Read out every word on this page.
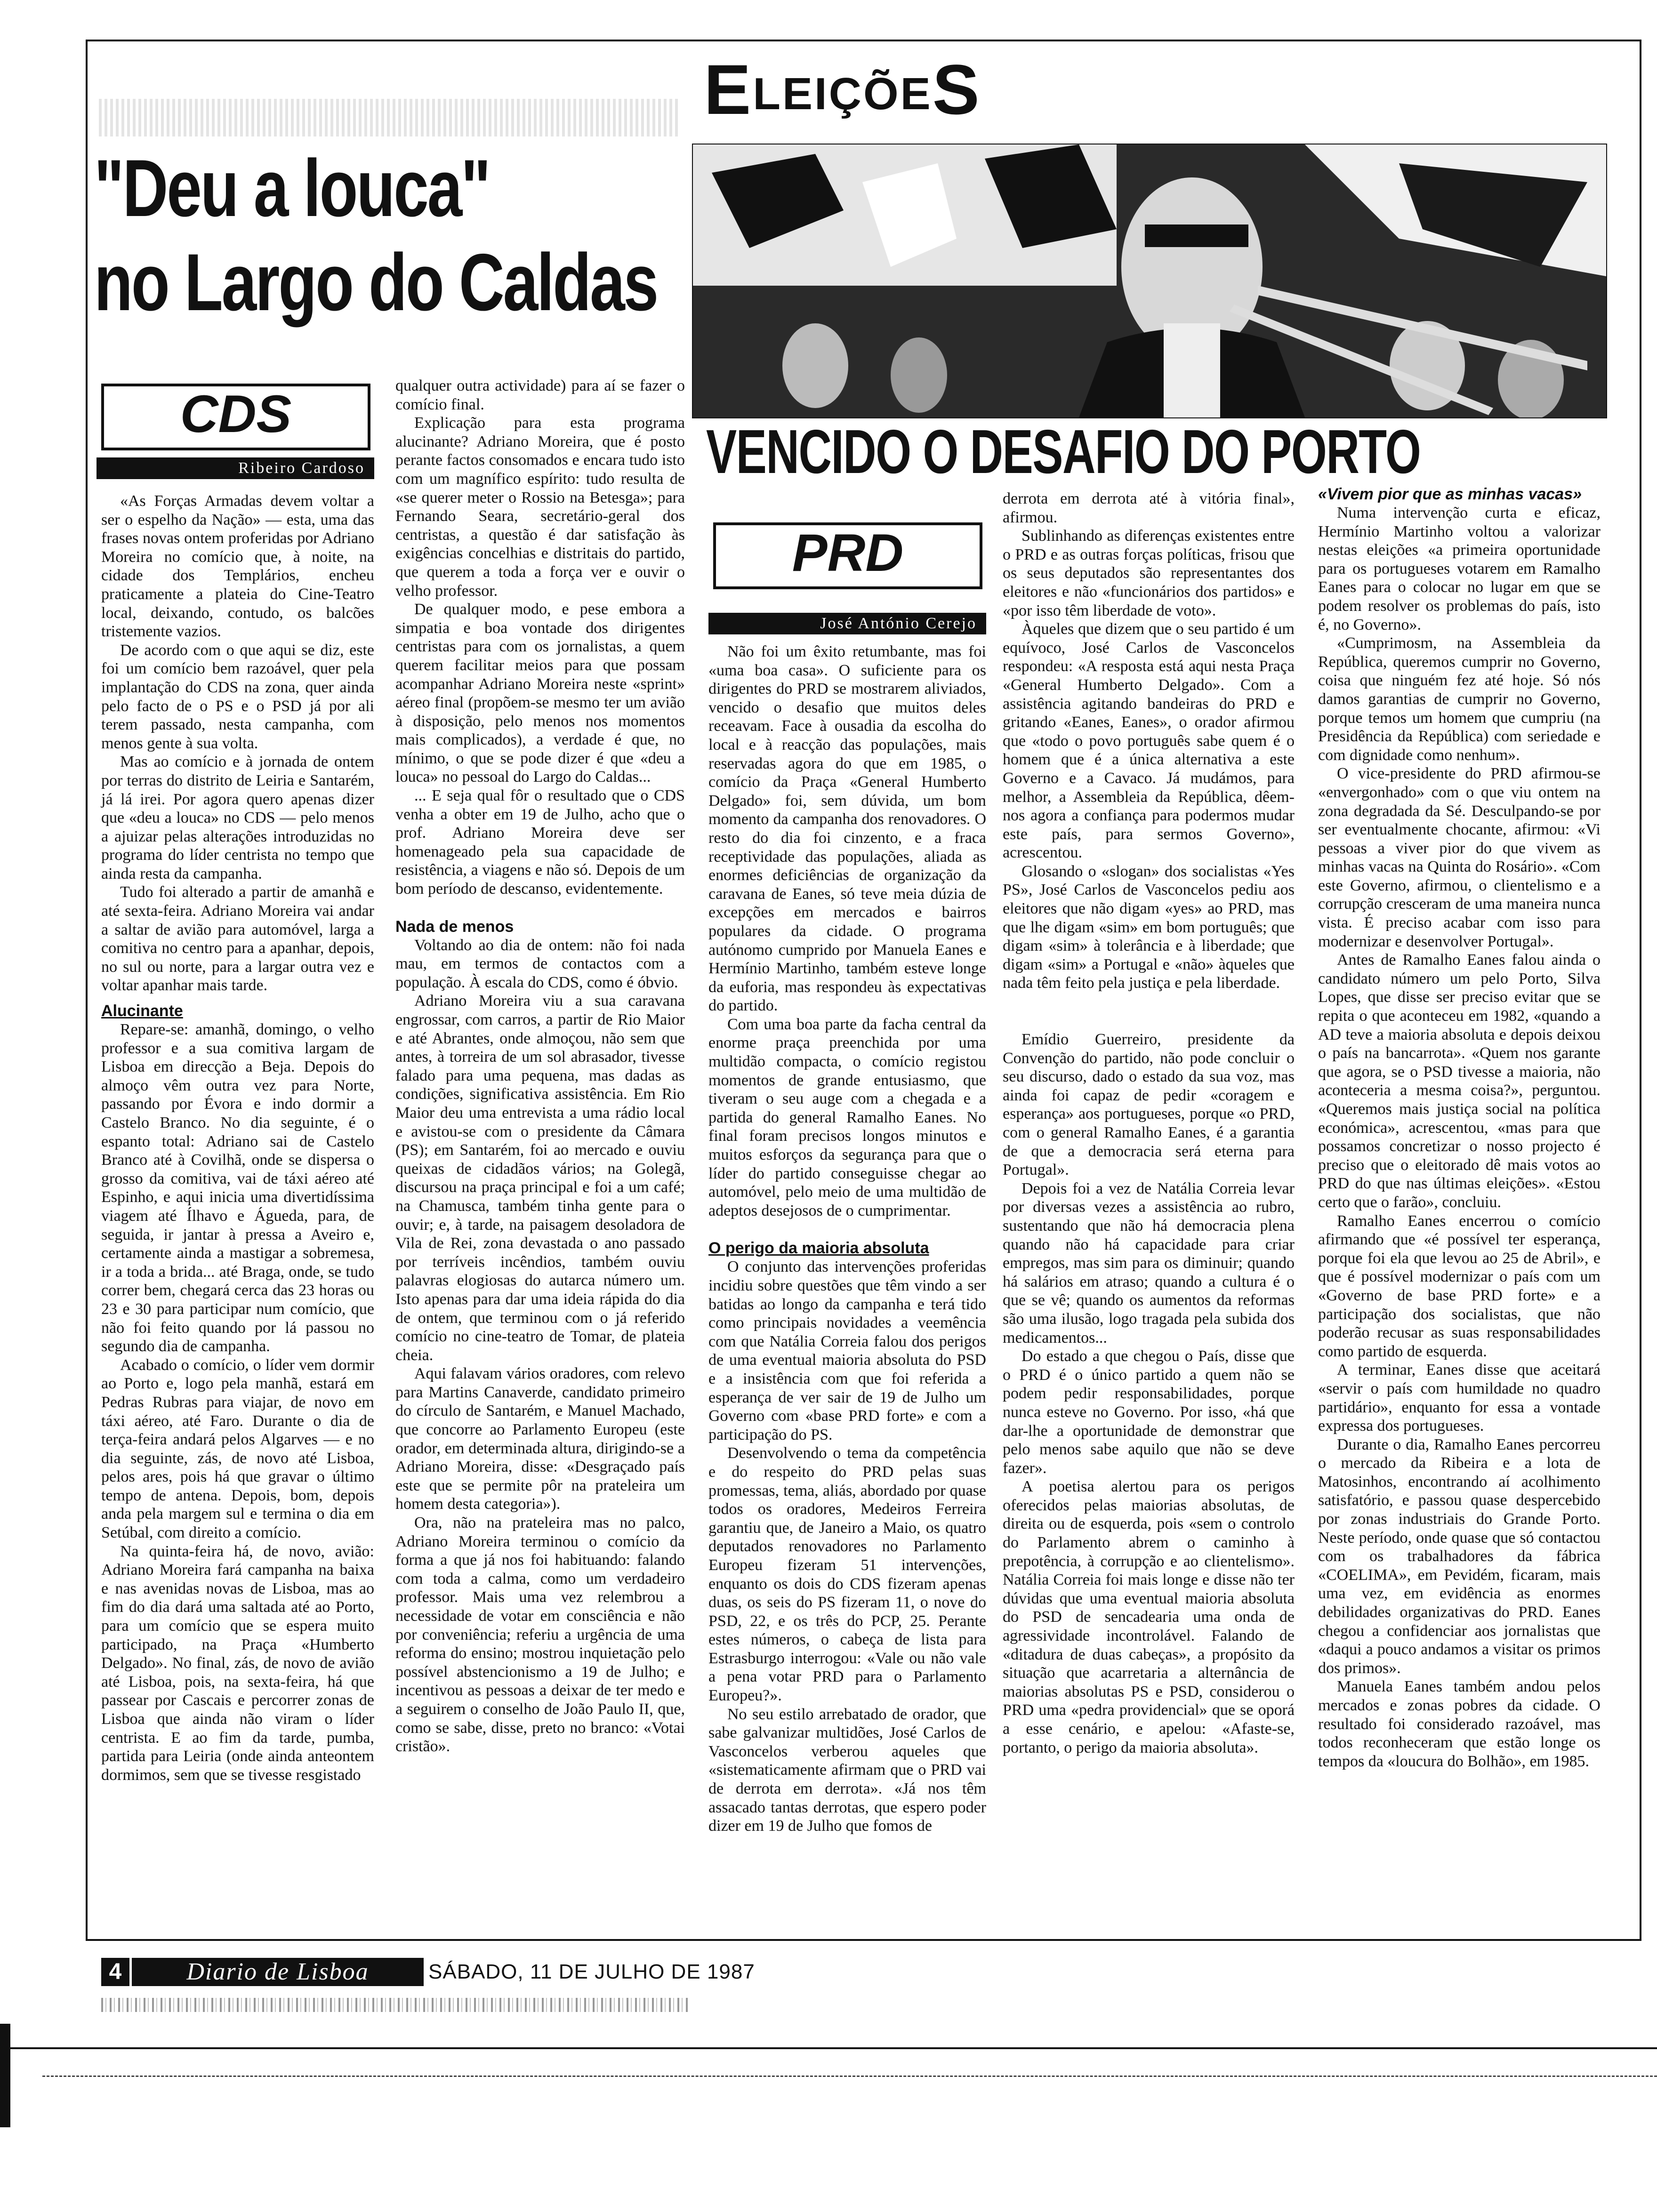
ELEIÇÕES
"Deu a louca"
no Largo do Caldas
VENCIDO O DESAFIO DO PORTO
CDS
Ribeiro Cardoso
PRD
José António Cerejo

«As Forças Armadas devem voltar a ser o espelho da Nação» — esta, uma das frases novas ontem proferidas por Adriano Moreira no comício que, à noite, na cidade dos Templários, encheu praticamente a plateia do Cine-Teatro local, deixando, contudo, os balcões tristemente vazios.

De acordo com o que aqui se diz, este foi um comício bem razoável, quer pela implantação do CDS na zona, quer ainda pelo facto de o PS e o PSD já por ali terem passado, nesta campanha, com menos gente à sua volta.

Mas ao comício e à jornada de ontem por terras do distrito de Leiria e Santarém, já lá irei. Por agora quero apenas dizer que «deu a louca» no CDS — pelo menos a ajuizar pelas alterações introduzidas no programa do líder centrista no tempo que ainda resta da campanha.

Tudo foi alterado a partir de amanhã e até sexta-feira. Adriano Moreira vai andar a saltar de avião para automóvel, larga a comitiva no centro para a apanhar, depois, no sul ou norte, para a largar outra vez e voltar apanhar mais tarde.

Alucinante

Repare-se: amanhã, domingo, o velho professor e a sua comitiva largam de Lisboa em direcção a Beja. Depois do almoço vêm outra vez para Norte, passando por Évora e indo dormir a Castelo Branco. No dia seguinte, é o espanto total: Adriano sai de Castelo Branco até à Covilhã, onde se dispersa o grosso da comitiva, vai de táxi aéreo até Espinho, e aqui inicia uma divertidíssima viagem até Ílhavo e Águeda, para, de seguida, ir jantar à pressa a Aveiro e, certamente ainda a mastigar a sobremesa, ir a toda a brida... até Braga, onde, se tudo correr bem, chegará cerca das 23 horas ou 23 e 30 para participar num comício, que não foi feito quando por lá passou no segundo dia de campanha.

Acabado o comício, o líder vem dormir ao Porto e, logo pela manhã, estará em Pedras Rubras para viajar, de novo em táxi aéreo, até Faro. Durante o dia de terça-feira andará pelos Algarves — e no dia seguinte, zás, de novo até Lisboa, pelos ares, pois há que gravar o último tempo de antena. Depois, bom, depois anda pela margem sul e termina o dia em Setúbal, com direito a comício.

Na quinta-feira há, de novo, avião: Adriano Moreira fará campanha na baixa e nas avenidas novas de Lisboa, mas ao fim do dia dará uma saltada até ao Porto, para um comício que se espera muito participado, na Praça «Humberto Delgado». No final, zás, de novo de avião até Lisboa, pois, na sexta-feira, há que passear por Cascais e percorrer zonas de Lisboa que ainda não viram o líder centrista. E ao fim da tarde, pumba, partida para Leiria (onde ainda anteontem dormimos, sem que se tivesse resgistado

qualquer outra actividade) para aí se fazer o comício final.

Explicação para esta programa alucinante? Adriano Moreira, que é posto perante factos consomados e encara tudo isto com um magnífico espírito: tudo resulta de «se querer meter o Rossio na Betesga»; para Fernando Seara, secretário-geral dos centristas, a questão é dar satisfação às exigências concelhias e distritais do partido, que querem a toda a força ver e ouvir o velho professor.

De qualquer modo, e pese embora a simpatia e boa vontade dos dirigentes centristas para com os jornalistas, a quem querem facilitar meios para que possam acompanhar Adriano Moreira neste «sprint» aéreo final (propõem-se mesmo ter um avião à disposição, pelo menos nos momentos mais complicados), a verdade é que, no mínimo, o que se pode dizer é que «deu a louca» no pessoal do Largo do Caldas...

... E seja qual fôr o resultado que o CDS venha a obter em 19 de Julho, acho que o prof. Adriano Moreira deve ser homenageado pela sua capacidade de resistência, a viagens e não só. Depois de um bom período de descanso, evidentemente.

Nada de menos

Voltando ao dia de ontem: não foi nada mau, em termos de contactos com a população. À escala do CDS, como é óbvio.

Adriano Moreira viu a sua caravana engrossar, com carros, a partir de Rio Maior e até Abrantes, onde almoçou, não sem que antes, à torreira de um sol abrasador, tivesse falado para uma pequena, mas dadas as condições, significativa assistência. Em Rio Maior deu uma entrevista a uma rádio local e avistou-se com o presidente da Câmara (PS); em Santarém, foi ao mercado e ouviu queixas de cidadãos vários; na Golegã, discursou na praça principal e foi a um café; na Chamusca, também tinha gente para o ouvir; e, à tarde, na paisagem desoladora de Vila de Rei, zona devastada o ano passado por terríveis incêndios, também ouviu palavras elogiosas do autarca número um. Isto apenas para dar uma ideia rápida do dia de ontem, que terminou com o já referido comício no cine-teatro de Tomar, de plateia cheia.

Aqui falavam vários oradores, com relevo para Martins Canaverde, candidato primeiro do círculo de Santarém, e Manuel Machado, que concorre ao Parlamento Europeu (este orador, em determinada altura, dirigindo-se a Adriano Moreira, disse: «Desgraçado país este que se permite pôr na prateleira um homem desta categoria»).

Ora, não na prateleira mas no palco, Adriano Moreira terminou o comício da forma a que já nos foi habituando: falando com toda a calma, como um verdadeiro professor. Mais uma vez relembrou a necessidade de votar em consciência e não por conveniência; referiu a urgência de uma reforma do ensino; mostrou inquietação pelo possível abstencionismo a 19 de Julho; e incentivou as pessoas a deixar de ter medo e a seguirem o conselho de João Paulo II, que, como se sabe, disse, preto no branco: «Votai cristão».

Não foi um êxito retumbante, mas foi «uma boa casa». O suficiente para os dirigentes do PRD se mostrarem aliviados, vencido o desafio que muitos deles receavam. Face à ousadia da escolha do local e à reacção das populações, mais reservadas agora do que em 1985, o comício da Praça «General Humberto Delgado» foi, sem dúvida, um bom momento da campanha dos renovadores. O resto do dia foi cinzento, e a fraca receptividade das populações, aliada as enormes deficiências de organização da caravana de Eanes, só teve meia dúzia de excepções em mercados e bairros populares da cidade. O programa autónomo cumprido por Manuela Eanes e Hermínio Martinho, também esteve longe da euforia, mas respondeu às expectativas do partido.

Com uma boa parte da facha central da enorme praça preenchida por uma multidão compacta, o comício registou momentos de grande entusiasmo, que tiveram o seu auge com a chegada e a partida do general Ramalho Eanes. No final foram precisos longos minutos e muitos esforços da segurança para que o líder do partido conseguisse chegar ao automóvel, pelo meio de uma multidão de adeptos desejosos de o cumprimentar.

O perigo da maioria absoluta

O conjunto das intervenções proferidas incidiu sobre questões que têm vindo a ser batidas ao longo da campanha e terá tido como principais novidades a veemência com que Natália Correia falou dos perigos de uma eventual maioria absoluta do PSD e a insistência com que foi referida a esperança de ver sair de 19 de Julho um Governo com «base PRD forte» e com a participação do PS.

Desenvolvendo o tema da competência e do respeito do PRD pelas suas promessas, tema, aliás, abordado por quase todos os oradores, Medeiros Ferreira garantiu que, de Janeiro a Maio, os quatro deputados renovadores no Parlamento Europeu fizeram 51 intervenções, enquanto os dois do CDS fizeram apenas duas, os seis do PS fizeram 11, o nove do PSD, 22, e os três do PCP, 25. Perante estes números, o cabeça de lista para Estrasburgo interrogou: «Vale ou não vale a pena votar PRD para o Parlamento Europeu?».

No seu estilo arrebatado de orador, que sabe galvanizar multidões, José Carlos de Vasconcelos verberou aqueles que «sistematicamente afirmam que o PRD vai de derrota em derrota». «Já nos têm assacado tantas derrotas, que espero poder dizer em 19 de Julho que fomos de

derrota em derrota até à vitória final», afirmou.

Sublinhando as diferenças existentes entre o PRD e as outras forças políticas, frisou que os seus deputados são representantes dos eleitores e não «funcionários dos partidos» e «por isso têm liberdade de voto».

Àqueles que dizem que o seu partido é um equívoco, José Carlos de Vasconcelos respondeu: «A resposta está aqui nesta Praça «General Humberto Delgado». Com a assistência agitando bandeiras do PRD e gritando «Eanes, Eanes», o orador afirmou que «todo o povo português sabe quem é o homem que é a única alternativa a este Governo e a Cavaco. Já mudámos, para melhor, a Assembleia da República, dêem-nos agora a confiança para podermos mudar este país, para sermos Governo», acrescentou.

Glosando o «slogan» dos socialistas «Yes PS», José Carlos de Vasconcelos pediu aos eleitores que não digam «yes» ao PRD, mas que lhe digam «sim» em bom português; que digam «sim» à tolerância e à liberdade; que digam «sim» a Portugal e «não» àqueles que nada têm feito pela justiça e pela liberdade.

Emídio Guerreiro, presidente da Convenção do partido, não pode concluir o seu discurso, dado o estado da sua voz, mas ainda foi capaz de pedir «coragem e esperança» aos portugueses, porque «o PRD, com o general Ramalho Eanes, é a garantia de que a democracia será eterna para Portugal».

Depois foi a vez de Natália Correia levar por diversas vezes a assistência ao rubro, sustentando que não há democracia plena quando não há capacidade para criar empregos, mas sim para os diminuir; quando há salários em atraso; quando a cultura é o que se vê; quando os aumentos da reformas são uma ilusão, logo tragada pela subida dos medicamentos...

Do estado a que chegou o País, disse que o PRD é o único partido a quem não se podem pedir responsabilidades, porque nunca esteve no Governo. Por isso, «há que dar-lhe a oportunidade de demonstrar que pelo menos sabe aquilo que não se deve fazer».

A poetisa alertou para os perigos oferecidos pelas maiorias absolutas, de direita ou de esquerda, pois «sem o controlo do Parlamento abrem o caminho à prepotência, à corrupção e ao clientelismo». Natália Correia foi mais longe e disse não ter dúvidas que uma eventual maioria absoluta do PSD de sencadearia uma onda de agressividade incontrolável. Falando de «ditadura de duas cabeças», a propósito da situação que acarretaria a alternância de maiorias absolutas PS e PSD, considerou o PRD uma «pedra providencial» que se oporá a esse cenário, e apelou: «Afaste-se, portanto, o perigo da maioria absoluta».

«Vivem pior que as minhas vacas»

Numa intervenção curta e eficaz, Hermínio Martinho voltou a valorizar nestas eleições «a primeira oportunidade para os portugueses votarem em Ramalho Eanes para o colocar no lugar em que se podem resolver os problemas do país, isto é, no Governo».

«Cumprimosm, na Assembleia da República, queremos cumprir no Governo, coisa que ninguém fez até hoje. Só nós damos garantias de cumprir no Governo, porque temos um homem que cumpriu (na Presidência da República) com seriedade e com dignidade como nenhum».

O vice-presidente do PRD afirmou-se «envergonhado» com o que viu ontem na zona degradada da Sé. Desculpando-se por ser eventualmente chocante, afirmou: «Vi pessoas a viver pior do que vivem as minhas vacas na Quinta do Rosário». «Com este Governo, afirmou, o clientelismo e a corrupção cresceram de uma maneira nunca vista. É preciso acabar com isso para modernizar e desenvolver Portugal».

Antes de Ramalho Eanes falou ainda o candidato número um pelo Porto, Silva Lopes, que disse ser preciso evitar que se repita o que aconteceu em 1982, «quando a AD teve a maioria absoluta e depois deixou o país na bancarrota». «Quem nos garante que agora, se o PSD tivesse a maioria, não aconteceria a mesma coisa?», perguntou. «Queremos mais justiça social na política económica», acrescentou, «mas para que possamos concretizar o nosso projecto é preciso que o eleitorado dê mais votos ao PRD do que nas últimas eleições». «Estou certo que o farão», concluiu.

Ramalho Eanes encerrou o comício afirmando que «é possível ter esperança, porque foi ela que levou ao 25 de Abril», e que é possível modernizar o país com um «Governo de base PRD forte» e a participação dos socialistas, que não poderão recusar as suas responsabilidades como partido de esquerda.

A terminar, Eanes disse que aceitará «servir o país com humildade no quadro partidário», enquanto for essa a vontade expressa dos portugueses.

Durante o dia, Ramalho Eanes percorreu o mercado da Ribeira e a lota de Matosinhos, encontrando aí acolhimento satisfatório, e passou quase despercebido por zonas industriais do Grande Porto. Neste período, onde quase que só contactou com os trabalhadores da fábrica «COELIMA», em Pevidém, ficaram, mais uma vez, em evidência as enormes debilidades organizativas do PRD. Eanes chegou a confidenciar aos jornalistas que «daqui a pouco andamos a visitar os primos dos primos».

Manuela Eanes também andou pelos mercados e zonas pobres da cidade. O resultado foi considerado razoável, mas todos reconheceram que estão longe os tempos da «loucura do Bolhão», em 1985.

4	Diario de Lisboa	SÁBADO, 11 DE JULHO DE 1987
